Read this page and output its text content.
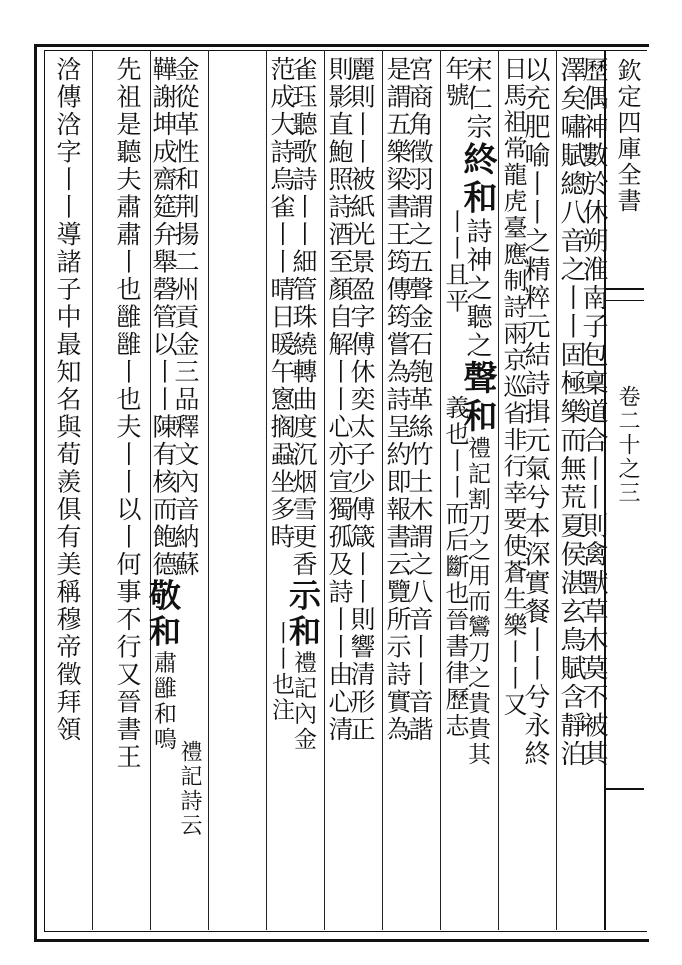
欽定四庫全書
卷二十之三
歷偶神數於休朔淮南子包稟道合丨丨則禽獸草木莫不被其
澤矣嘯賦總八音之丨丨固極樂而無荒夏侯湛玄鳥賦含靜泊
以充肥喻丨丨之精粹元結詩揖元氣兮本深實餐丨丨兮永終
日馬祖常龍虎臺應制詩兩京巡省非行幸要使蒼生樂丨丨又
宋仁宗終和詩神之聽之聲和禮記割刀之用而鸞刀之貴貴其
年號丨丨且平義也丨丨而后斷也晉書律歷志
宮商角徵羽謂之五聲金石匏革絲竹土木謂之八音丨丨音諧
是謂五樂梁書王筠傳筠嘗為詩呈約即報書云覽所示詩實為
麗則丨丨被紙光景盈字傅休奕太子少傅箴丨丨則響清形正
則影直鮑照詩酒至顏自解丨丨心亦宣獨孤及詩丨丨由心清
雀珏聽歌詩丨丨細管珠繞轉曲度沉烟雪更香示和禮記內金
范成大詩烏雀丨丨晴日暖午窻搁蝨坐多時丨丨也注
金從革性和荆揚二州貢金三品釋文內音納蘇
鞾謝坤成齋筵弁舉磬管以丨丨陳有核而飽德敬和肅雝和鳴
禮記詩云
先祖是聽夫肅肅丨也雝雝丨也夫丨丨以丨何事不行又晉書王
浛傳浛字丨丨導諸子中最知名與荀羨俱有美稱穆帝徵拜領
